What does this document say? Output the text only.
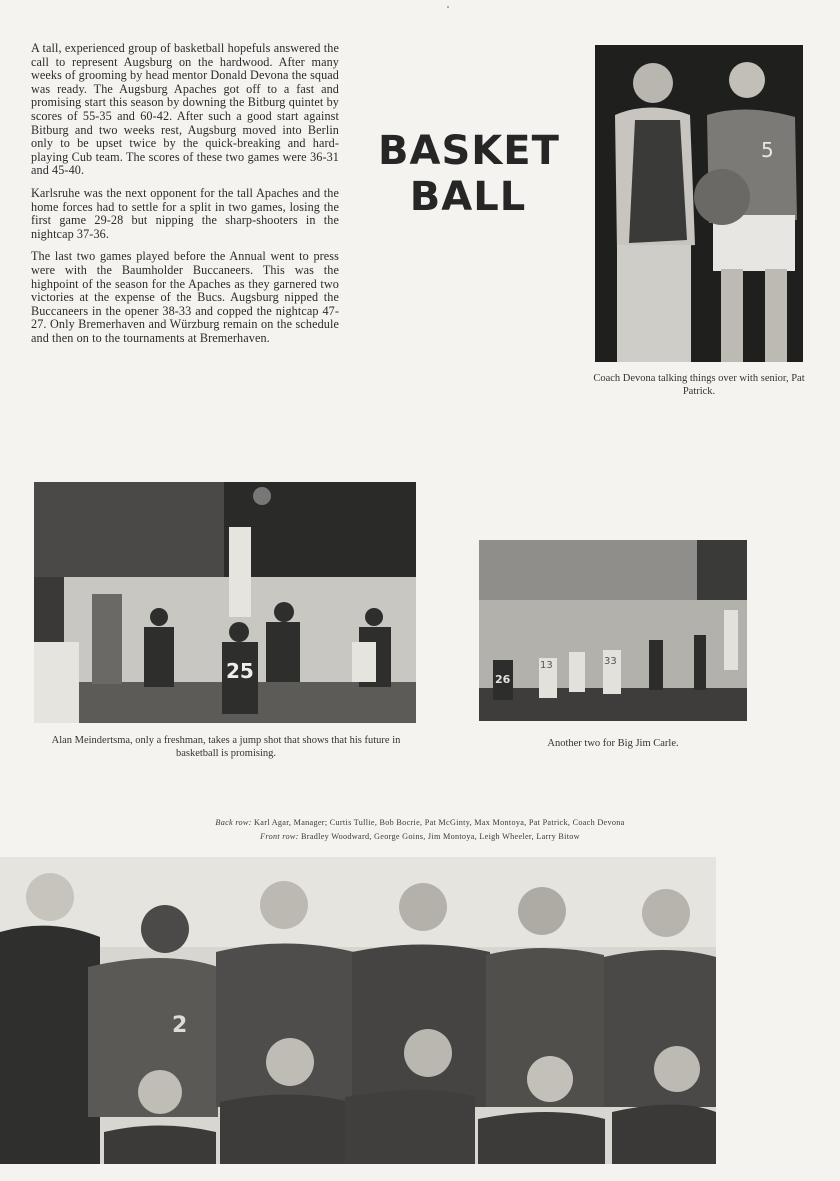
A tall, experienced group of basketball hopefuls answered the call to represent Augsburg on the hardwood. After many weeks of grooming by head mentor Donald Devona the squad was ready. The Augsburg Apaches got off to a fast and promising start this season by downing the Bitburg quintet by scores of 55-35 and 60-42. After such a good start against Bitburg and two weeks rest, Augsburg moved into Berlin only to be upset twice by the quick-breaking and hard-playing Cub team. The scores of these two games were 36-31 and 45-40.

Karlsruhe was the next opponent for the tall Apaches and the home forces had to settle for a split in two games, losing the first game 29-28 but nipping the sharp-shooters in the nightcap 37-36.

The last two games played before the Annual went to press were with the Baumholder Buccaneers. This was the highpoint of the season for the Apaches as they garnered two victories at the expense of the Bucs. Augsburg nipped the Buccaneers in the opener 38-33 and copped the nightcap 47-27. Only Bremerhaven and Würzburg remain on the schedule and then on to the tournaments at Bremerhaven.

BASKET
BALL
5
Coach Devona talking things over with senior, Pat Patrick.
25
Alan Meindertsma, only a freshman, takes a jump shot that shows that his future in basketball is promising.
26
13	33
Another two for Big Jim Carle.
Back row: Karl Agar, Manager; Curtis Tullie, Bob Bocrie, Pat McGinty, Max Montoya, Pat Patrick, Coach Devona
Front row: Bradley Woodward, George Goins, Jim Montoya, Leigh Wheeler, Larry Bitow
2
